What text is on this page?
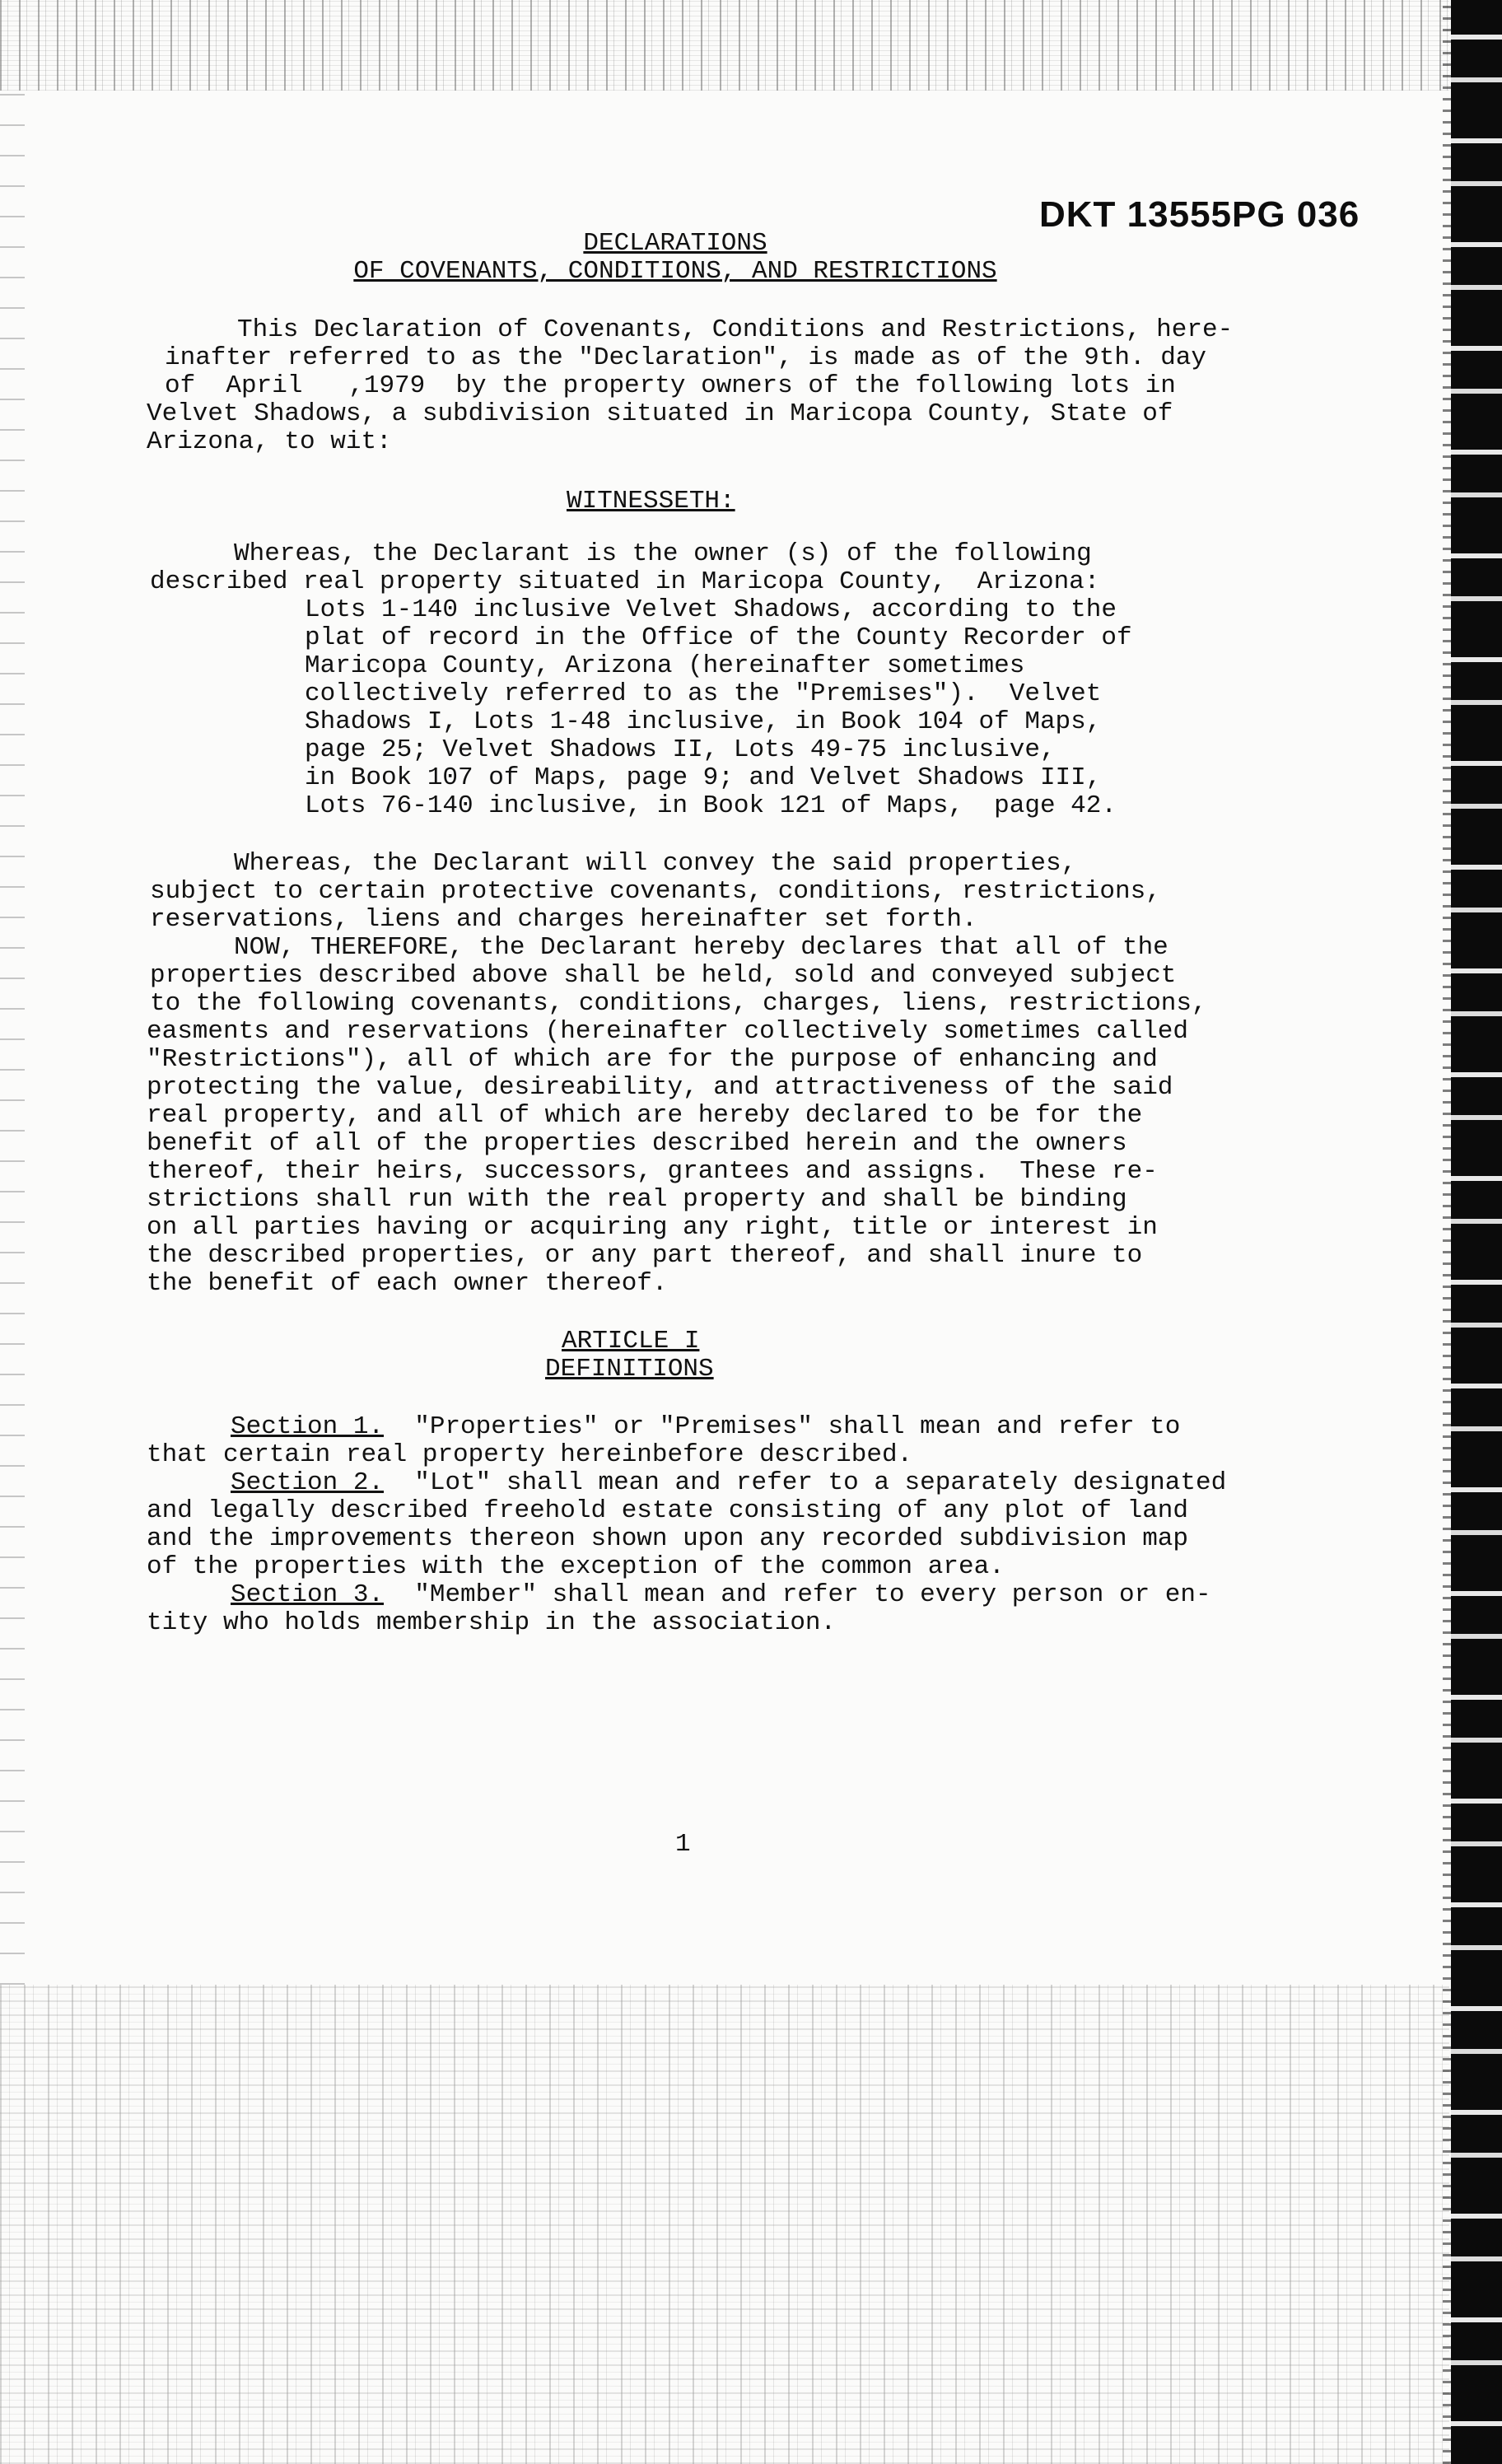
DKT 13555PG 036
DECLARATIONS
OF COVENANTS, CONDITIONS, AND RESTRICTIONS
This Declaration of Covenants, Conditions and Restrictions, here-
inafter referred to as the "Declaration", is made as of the 9th. day
of  April   ,1979  by the property owners of the following lots in
Velvet Shadows, a subdivision situated in Maricopa County, State of
Arizona, to wit:
WITNESSETH:
Whereas, the Declarant is the owner (s) of the following
described real property situated in Maricopa County,  Arizona:
Lots 1-140 inclusive Velvet Shadows, according to the
plat of record in the Office of the County Recorder of
Maricopa County, Arizona (hereinafter sometimes
collectively referred to as the "Premises").  Velvet
Shadows I, Lots 1-48 inclusive, in Book 104 of Maps,
page 25; Velvet Shadows II, Lots 49-75 inclusive,
in Book 107 of Maps, page 9; and Velvet Shadows III,
Lots 76-140 inclusive, in Book 121 of Maps,  page 42.
Whereas, the Declarant will convey the said properties,
subject to certain protective covenants, conditions, restrictions,
reservations, liens and charges hereinafter set forth.
NOW, THEREFORE, the Declarant hereby declares that all of the
properties described above shall be held, sold and conveyed subject
to the following covenants, conditions, charges, liens, restrictions,
easments and reservations (hereinafter collectively sometimes called
"Restrictions"), all of which are for the purpose of enhancing and
protecting the value, desireability, and attractiveness of the said
real property, and all of which are hereby declared to be for the
benefit of all of the properties described herein and the owners
thereof, their heirs, successors, grantees and assigns.  These re-
strictions shall run with the real property and shall be binding
on all parties having or acquiring any right, title or interest in
the described properties, or any part thereof, and shall inure to
the benefit of each owner thereof.
ARTICLE I
DEFINITIONS
Section 1.  "Properties" or "Premises" shall mean and refer to
that certain real property hereinbefore described.
Section 2.  "Lot" shall mean and refer to a separately designated
and legally described freehold estate consisting of any plot of land
and the improvements thereon shown upon any recorded subdivision map
of the properties with the exception of the common area.
Section 3.  "Member" shall mean and refer to every person or en-
tity who holds membership in the association.
1
